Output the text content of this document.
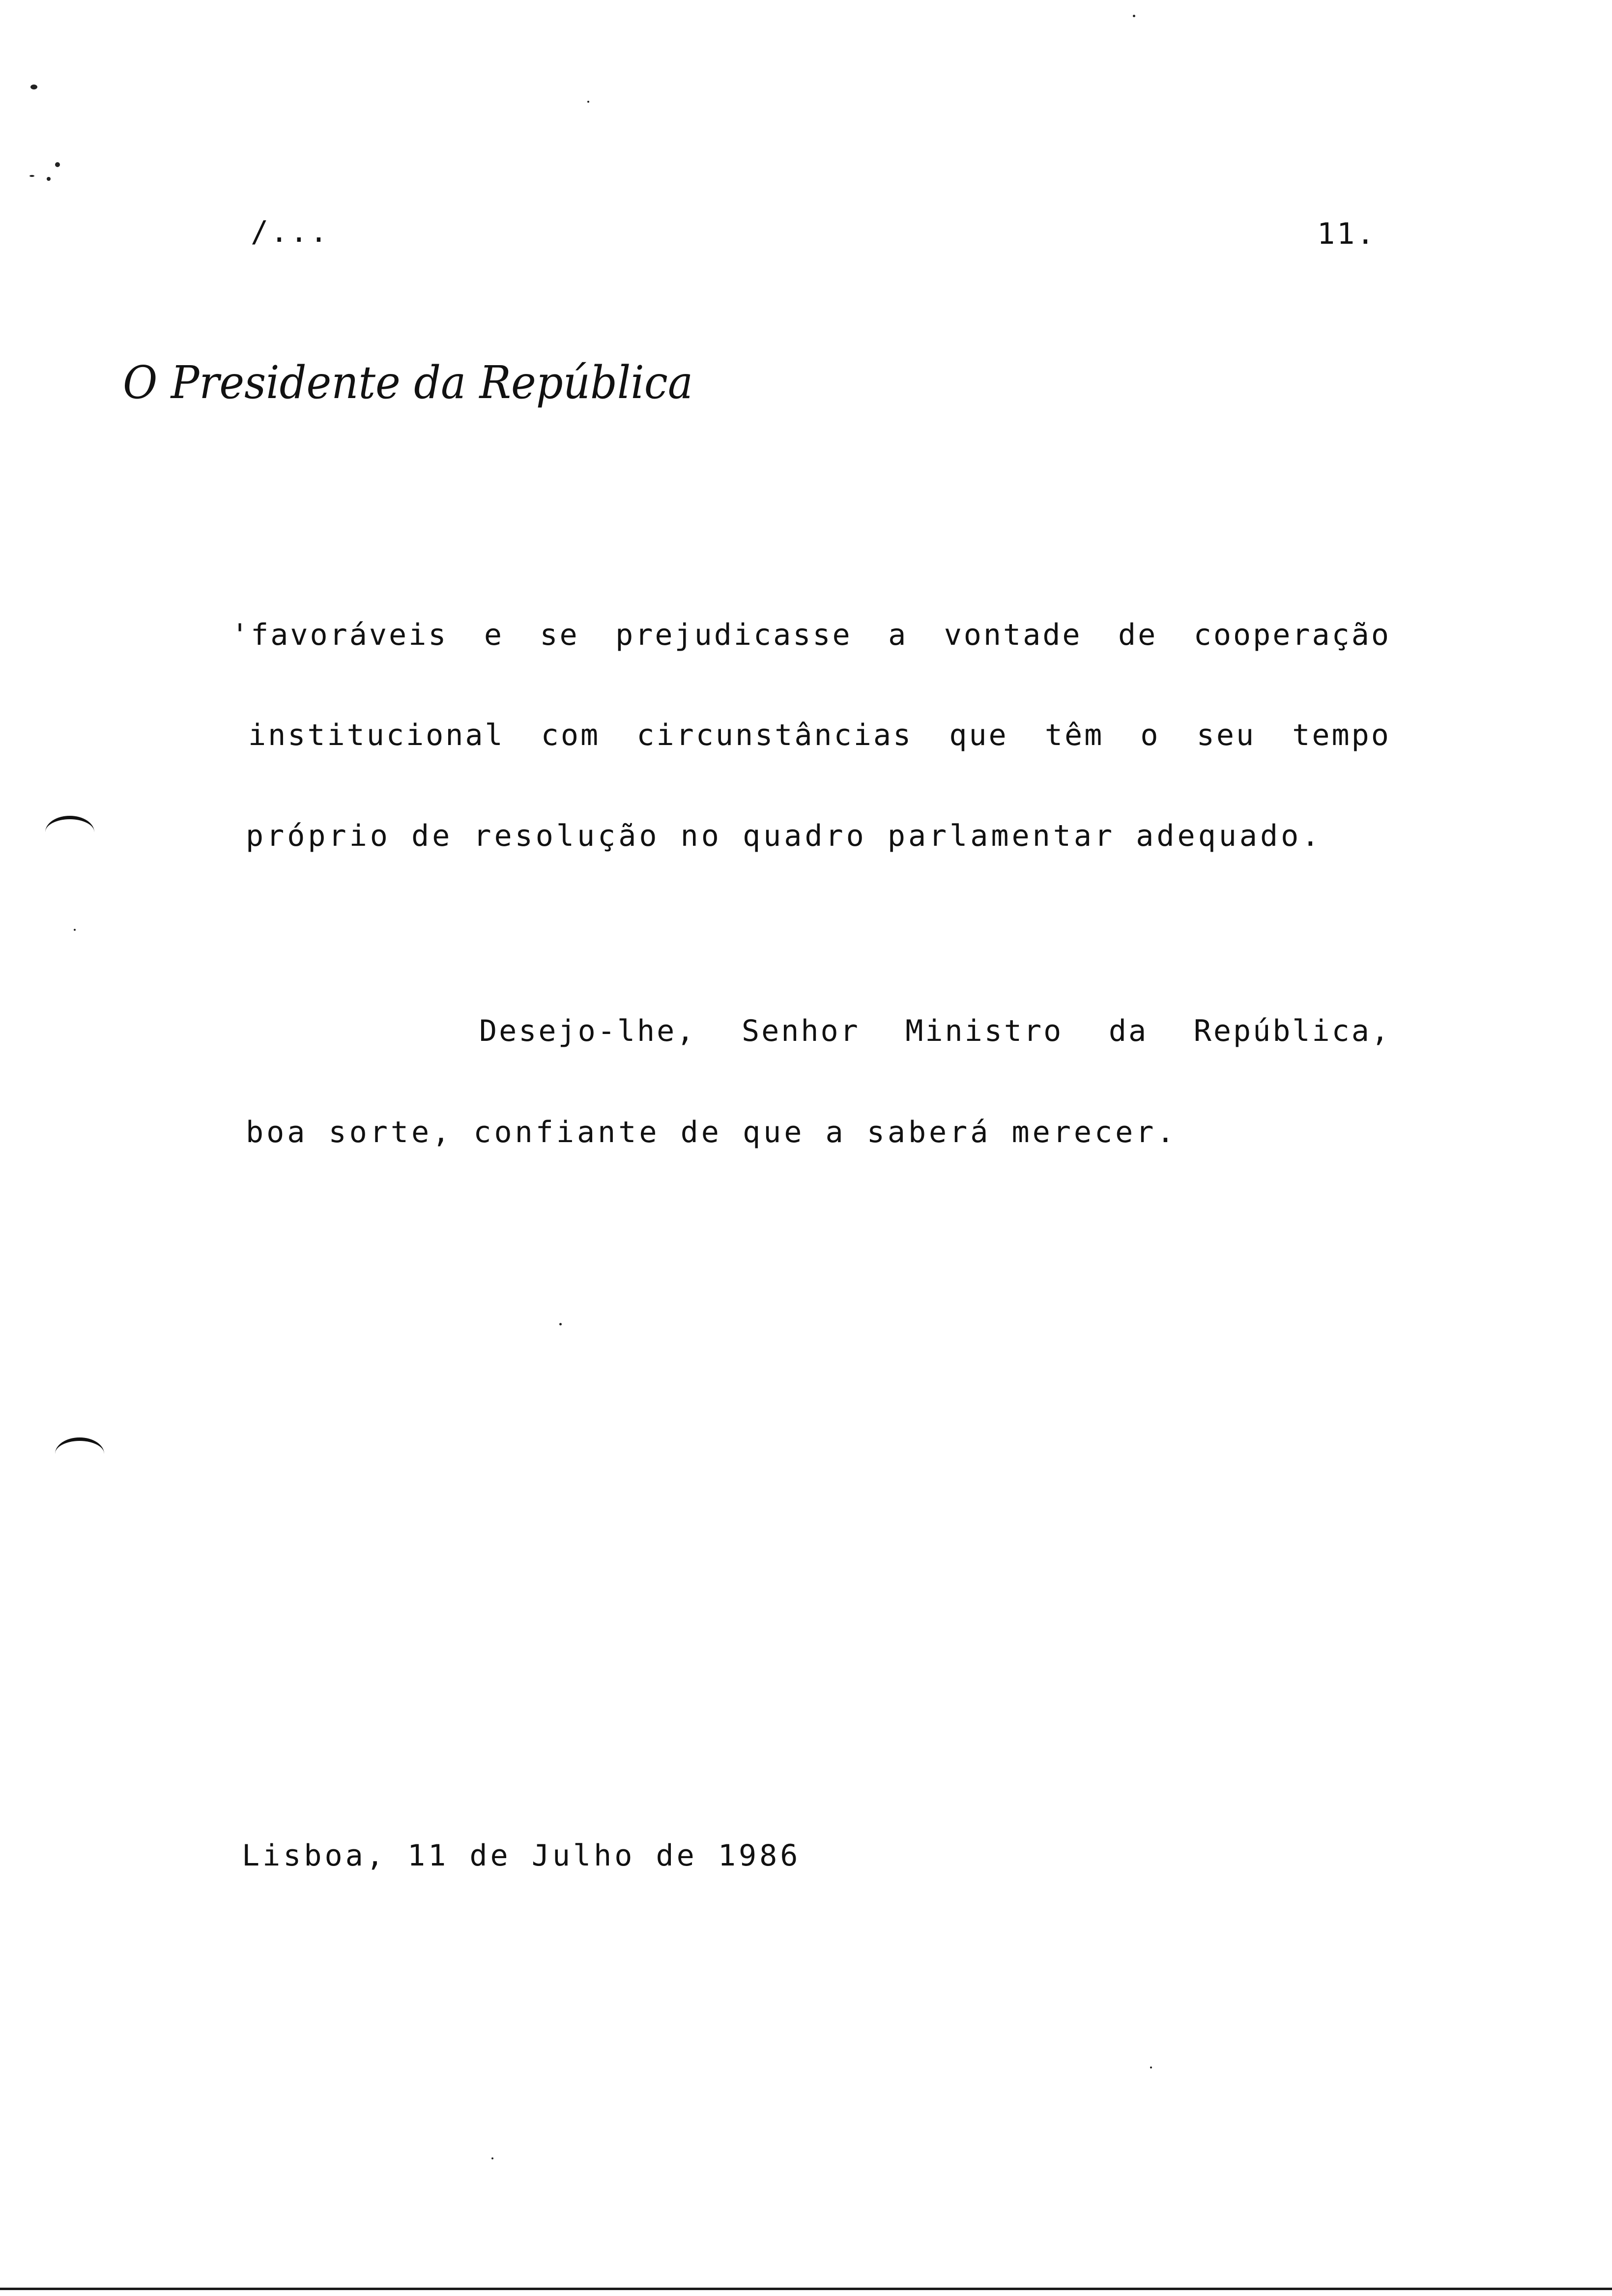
/...	11.
O Presidente da República
'favoráveis e se prejudicasse a vontade de cooperação
institucional com circunstâncias que têm o seu tempo
próprio de resolução no quadro parlamentar adequado.
Desejo-lhe, Senhor Ministro da República,
boa sorte, confiante de que a saberá merecer.
Lisboa, 11 de Julho de 1986
